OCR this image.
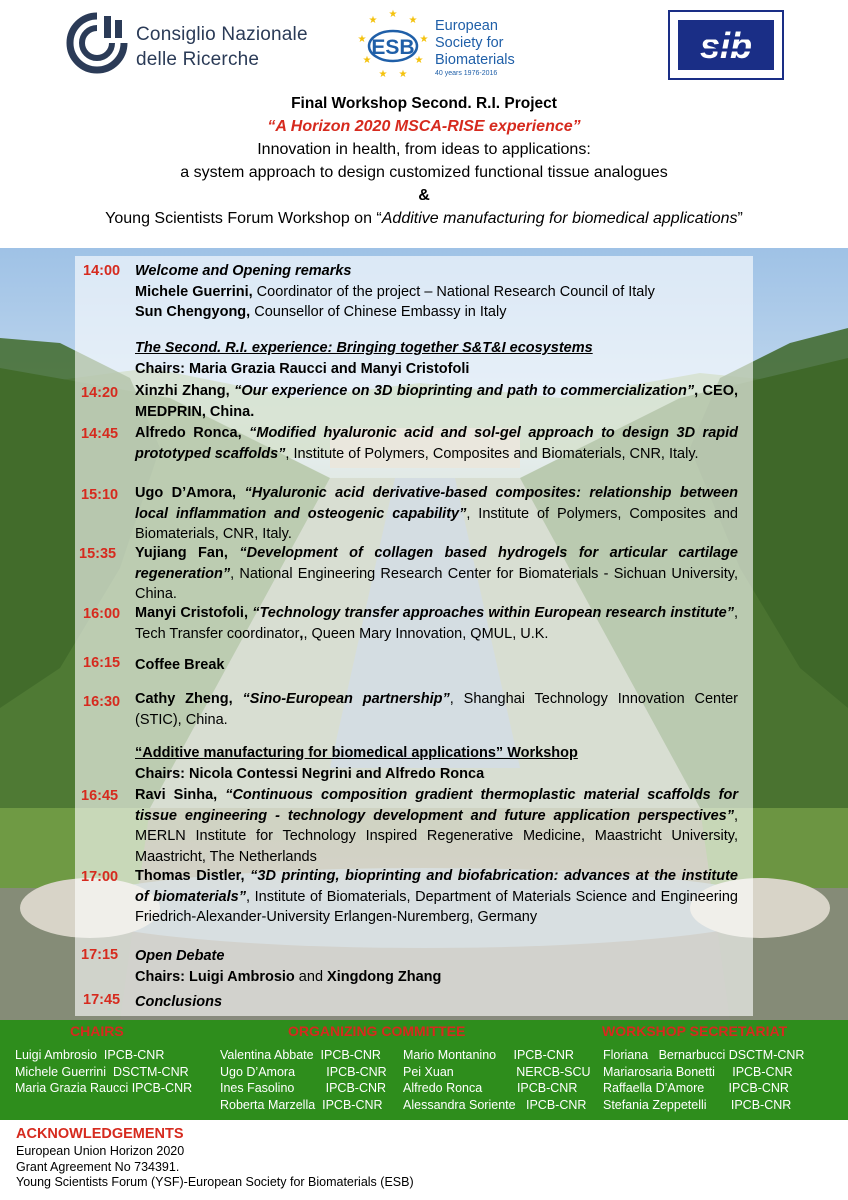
Consiglio Nazionale
delle Ricerche
★
★
★
★
★
★
★
★
★
ESB
European
Society for
Biomaterials
40 years 1976-2016
sib
Final Workshop Second. R.I. Project
“A Horizon 2020 MSCA-RISE experience”
Innovation in health, from ideas to applications:
a system approach to design customized functional tissue analogues
&
Young Scientists Forum Workshop on “Additive manufacturing for biomedical applications”
14:00 Welcome and Opening remarks
Michele Guerrini, Coordinator of the project – National Research Council of Italy
Sun Chengyong, Counsellor of Chinese Embassy in Italy
The Second. R.I. experience: Bringing together S&T&I ecosystems
Chairs: Maria Grazia Raucci and Manyi Cristofoli
14:20 Xinzhi Zhang, “Our experience on 3D bioprinting and path to commercialization”, CEO, MEDPRIN, China.
14:45 Alfredo Ronca, “Modified hyaluronic acid and sol-gel approach to design 3D rapid prototyped scaffolds”, Institute of Polymers, Composites and Biomaterials, CNR, Italy.
15:10 Ugo D’Amora, “Hyaluronic acid derivative-based composites: relationship between local inflammation and osteogenic capability”, Institute of Polymers, Composites and Biomaterials, CNR, Italy.
15:35 Yujiang Fan, “Development of collagen based hydrogels for articular cartilage regeneration”, National Engineering Research Center for Biomaterials - Sichuan University, China.
16:00 Manyi Cristofoli, “Technology transfer approaches within European research institute”, Tech Transfer coordinator,, Queen Mary Innovation, QMUL, U.K.
16:15 Coffee Break
16:30 Cathy Zheng, “Sino-European partnership”, Shanghai Technology Innovation Center (STIC), China.
“Additive manufacturing for biomedical applications” Workshop
Chairs: Nicola Contessi Negrini and Alfredo Ronca
16:45 Ravi Sinha, “Continuous composition gradient thermoplastic material scaffolds for tissue engineering - technology development and future application perspectives”, MERLN Institute for Technology Inspired Regenerative Medicine, Maastricht University, Maastricht, The Netherlands
17:00 Thomas Distler, “3D printing, bioprinting and biofabrication: advances at the institute of biomaterials”, Institute of Biomaterials, Department of Materials Science and Engineering Friedrich-Alexander-University Erlangen-Nuremberg, Germany
17:15 Open Debate
Chairs: Luigi Ambrosio and Xingdong Zhang
17:45 Conclusions
CHAIRS
Luigi Ambrosio  IPCB-CNR
Michele Guerrini  DSCTM-CNR
Maria Grazia Raucci IPCB-CNR
ORGANIZING COMMITTEE
Valentina Abbate  IPCB-CNR
Ugo D’Amora         IPCB-CNR
Ines Fasolino         IPCB-CNR
Roberta Marzella  IPCB-CNR
Mario Montanino     IPCB-CNR
Pei Xuan                  NERCB-SCU
Alfredo Ronca          IPCB-CNR
Alessandra Soriente   IPCB-CNR
WORKSHOP SECRETARIAT
Floriana   Bernarbucci DSCTM-CNR
Mariarosaria Bonetti     IPCB-CNR
Raffaella D’Amore       IPCB-CNR
Stefania Zeppetelli       IPCB-CNR
ACKNOWLEDGEMENTS
European Union Horizon 2020
Grant Agreement No 734391.
Young Scientists Forum (YSF)-European Society for Biomaterials (ESB)
